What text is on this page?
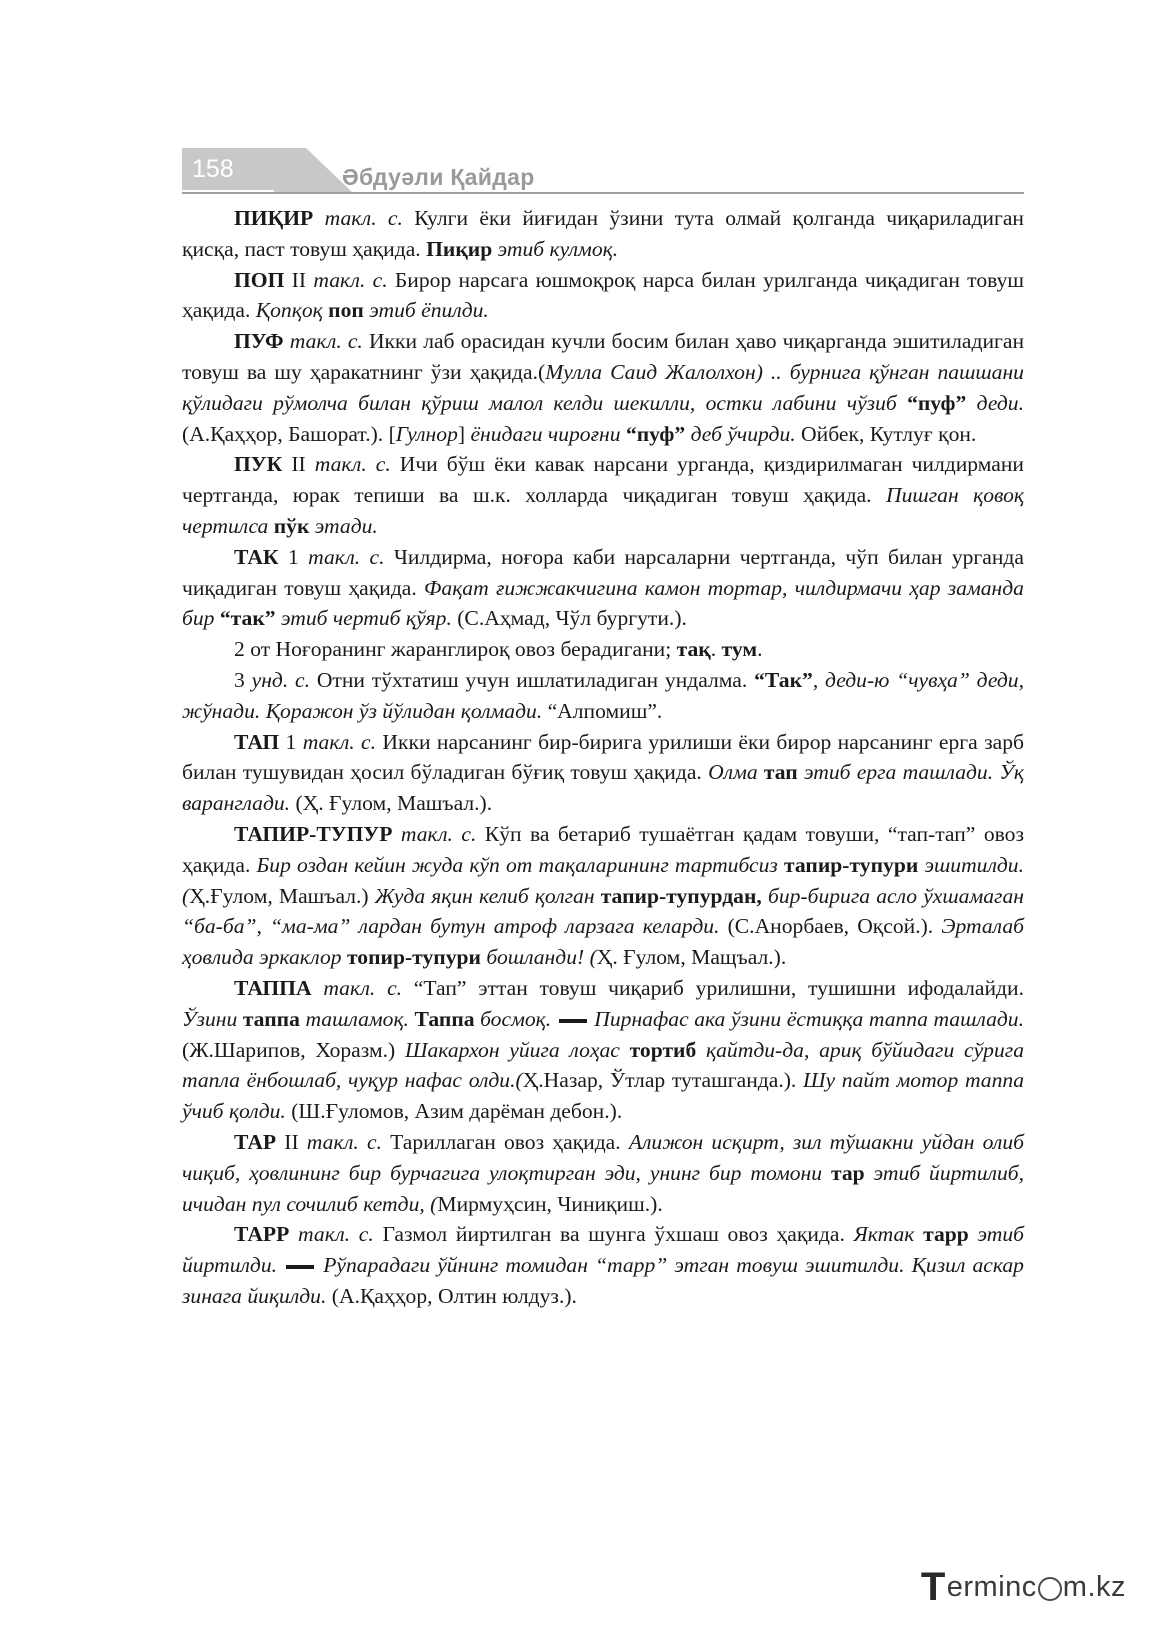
158	Әбдуәли Қайдар

ПИҚИР такл. с. Кулги ёки йиғидан ўзини тута олмай қолганда чиқариладиган қисқа, паст товуш ҳақида. Пиқир этиб кулмоқ.

ПОП II такл. с. Бирор нарсага юшмоқроқ нарса билан урилганда чиқадиган товуш ҳақида. Қопқоқ поп этиб ёпилди.

ПУФ такл. с. Икки лаб орасидан кучли босим билан ҳаво чиқарганда эшитиладиган товуш ва шу ҳаракатнинг ўзи ҳақида.(Мулла Саид Жалолхон) .. бурнига қўнган пашшани қўлидаги рўмолча билан қўриш малол келди шекилли, остки лабини чўзиб “пуф” деди. (А.Қаҳҳор, Башорат.). [Гулнор] ёнидаги чироғни “пуф” деб ўчирди. Ойбек, Кутлуғ қон.

ПУК II такл. с. Ичи бўш ёки кавак нарсани урганда, қиздирилмаган чилдирмани чертганда, юрак тепиши ва ш.к. холларда чиқадиган товуш ҳақида. Пишган қовоқ чертилса пўк этади.

ТАК 1 такл. с. Чилдирма, ноғора каби нарсаларни чертганда, чўп билан урганда чиқадиган товуш ҳақида. Фақат ғижжакчигина камон тортар, чилдирмачи ҳар заманда бир “так” этиб чертиб қўяр. (С.Аҳмад, Чўл бургути.).

2 от Ноғоранинг жаранглироқ овоз берадигани; тақ. тум.

3 унд. с. Отни тўхтатиш учун ишлатиладиган ундалма. “Так”, деди-ю “чувҳа” деди, жўнади. Қоражон ўз йўлидан қолмади. “Алпомиш”.

ТАП 1 такл. с. Икки нарсанинг бир-бирига урилиши ёки бирор нарсанинг ерга зарб билан тушувидан ҳосил бўладиган бўғиқ товуш ҳақида. Олма тап этиб ерга ташлади. Ўқ варанглади. (Ҳ. Ғулом, Машъал.).

ТАПИР-ТУПУР такл. с. Кўп ва бетариб тушаётган қадам товуши, “тап-тап” овоз ҳақида. Бир оздан кейин жуда кўп от тақаларининг тартибсиз тапир-тупури эшитилди.(Ҳ.Ғулом, Машъал.) Жуда яқин келиб қолган тапир-тупурдан, бир-бирига асло ўхшамаган “ба-ба”, “ма-ма” лардан бутун атроф ларзага келарди. (С.Анорбаев, Оқсой.). Эрталаб ҳовлида эркаклор топир-тупури бошланди! (Ҳ. Ғулом, Мащъал.).

ТАППА такл. с. “Тап” эттан товуш чиқариб урилишни, тушишни ифодалайди. Ўзини таппа ташламоқ. Таппа босмоқ. Пирнафас ака ўзини ёстиққа таппа ташлади. (Ж.Шарипов, Хоразм.) Шакархон уйига лоҳас тортиб қайтди-да, ариқ бўйидаги сўрига тапла ёнбошлаб, чуқур нафас олди.(Ҳ.Назар, Ўтлар туташганда.). Шу пайт мотор таппа ўчиб қолди. (Ш.Ғуломов, Азим дарёман дебон.).

ТАР II такл. с. Тариллаган овоз ҳақида. Алижон исқирт, зил тўшакни уйдан олиб чиқиб, ҳовлининг бир бурчагига улоқтирган эди, унинг бир томони тар этиб йиртилиб, ичидан пул сочилиб кетди, (Мирмуҳсин, Чиниқиш.).

ТАРР такл. с. Газмол йиртилган ва шунга ўхшаш овоз ҳақида. Яктак тарр этиб йиртилди. Рўпарадаги ўйнинг томидан “тарр” этган товуш эшитилди. Қизил аскар зинага йиқилди. (А.Қаҳҳор, Олтин юлдуз.).

T erminc m.kz
